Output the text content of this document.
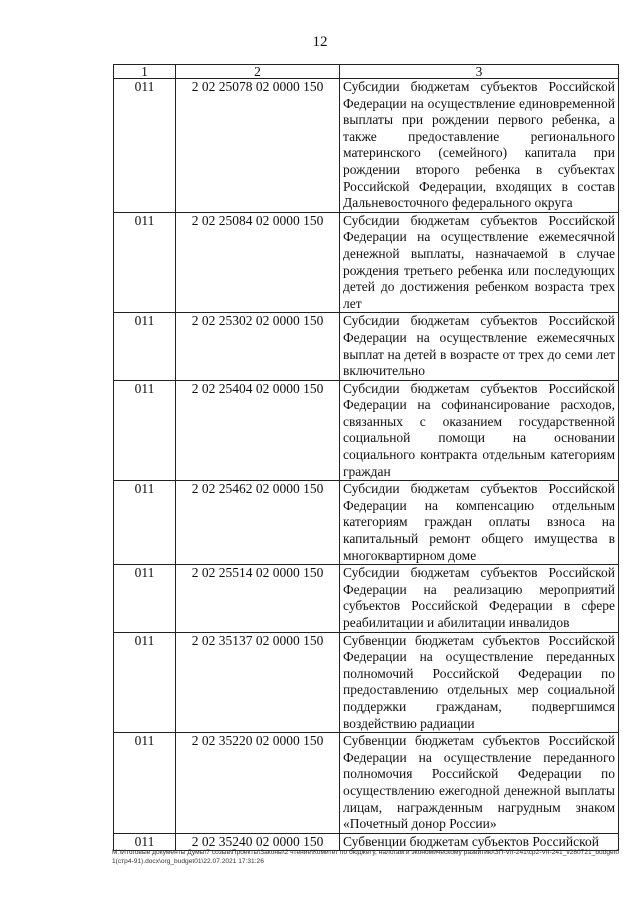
12
1	2	3
011	2 02 25078 02 0000 150	Субсидии бюджетам субъектов Российской Федерации на осуществление единовременной выплаты при рождении первого ребенка, а также предоставление регионального материнского (семейного) капитала при рождении второго ребенка в субъектах Российской Федерации, входящих в состав Дальневосточного федерального округа
011	2 02 25084 02 0000 150	Субсидии бюджетам субъектов Российской Федерации на осуществление ежемесячной денежной выплаты, назначаемой в случае рождения третьего ребенка или последующих детей до достижения ребенком возраста трех лет
011	2 02 25302 02 0000 150	Субсидии бюджетам субъектов Российской Федерации на осуществление ежемесячных выплат на детей в возрасте от трех до семи лет включительно
011	2 02 25404 02 0000 150	Субсидии бюджетам субъектов Российской Федерации на софинансирование расходов, связанных с оказанием государственной социальной помощи на основании социального контракта отдельным категориям граждан
011	2 02 25462 02 0000 150	Субсидии бюджетам субъектов Российской Федерации на компенсацию отдельным категориям граждан оплаты взноса на капитальный ремонт общего имущества в многоквартирном доме
011	2 02 25514 02 0000 150	Субсидии бюджетам субъектов Российской Федерации на реализацию мероприятий субъектов Российской Федерации в сфере реабилитации и абилитации инвалидов
011	2 02 35137 02 0000 150	Субвенции бюджетам субъектов Российской Федерации на осуществление переданных полномочий Российской Федерации по предоставлению отдельных мер социальной поддержки гражданам, подвергшимся воздействию радиации
011	2 02 35220 02 0000 150	Субвенции бюджетам субъектов Российской Федерации на осуществление переданного полномочия Российской Федерации по осуществлению ежегодной денежной выплаты лицам, награжденным нагрудным знаком «Почетный донор России»
011	2 02 35240 02 0000 150	Субвенции бюджетам субъектов Российской
M:\Итоговые документы Думы\7 созыв\Проекты\Законы\2 чтение\Комитет по бюджету, налогам и экономическому развитию\ЗП-VII-241\ср2-VII-241_v280721_budget01(стр4-91).docx\org_budget01\22.07.2021 17:31:26
